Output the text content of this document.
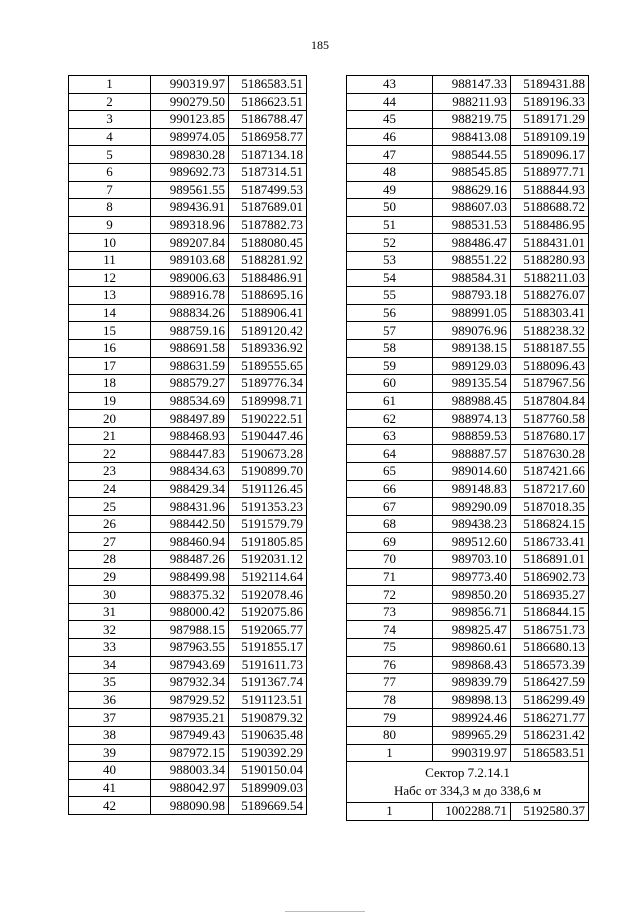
185
1	990319.97	5186583.51
2	990279.50	5186623.51
3	990123.85	5186788.47
4	989974.05	5186958.77
5	989830.28	5187134.18
6	989692.73	5187314.51
7	989561.55	5187499.53
8	989436.91	5187689.01
9	989318.96	5187882.73
10	989207.84	5188080.45
11	989103.68	5188281.92
12	989006.63	5188486.91
13	988916.78	5188695.16
14	988834.26	5188906.41
15	988759.16	5189120.42
16	988691.58	5189336.92
17	988631.59	5189555.65
18	988579.27	5189776.34
19	988534.69	5189998.71
20	988497.89	5190222.51
21	988468.93	5190447.46
22	988447.83	5190673.28
23	988434.63	5190899.70
24	988429.34	5191126.45
25	988431.96	5191353.23
26	988442.50	5191579.79
27	988460.94	5191805.85
28	988487.26	5192031.12
29	988499.98	5192114.64
30	988375.32	5192078.46
31	988000.42	5192075.86
32	987988.15	5192065.77
33	987963.55	5191855.17
34	987943.69	5191611.73
35	987932.34	5191367.74
36	987929.52	5191123.51
37	987935.21	5190879.32
38	987949.43	5190635.48
39	987972.15	5190392.29
40	988003.34	5190150.04
41	988042.97	5189909.03
42	988090.98	5189669.54
43	988147.33	5189431.88
44	988211.93	5189196.33
45	988219.75	5189171.29
46	988413.08	5189109.19
47	988544.55	5189096.17
48	988545.85	5188977.71
49	988629.16	5188844.93
50	988607.03	5188688.72
51	988531.53	5188486.95
52	988486.47	5188431.01
53	988551.22	5188280.93
54	988584.31	5188211.03
55	988793.18	5188276.07
56	988991.05	5188303.41
57	989076.96	5188238.32
58	989138.15	5188187.55
59	989129.03	5188096.43
60	989135.54	5187967.56
61	988988.45	5187804.84
62	988974.13	5187760.58
63	988859.53	5187680.17
64	988887.57	5187630.28
65	989014.60	5187421.66
66	989148.83	5187217.60
67	989290.09	5187018.35
68	989438.23	5186824.15
69	989512.60	5186733.41
70	989703.10	5186891.01
71	989773.40	5186902.73
72	989850.20	5186935.27
73	989856.71	5186844.15
74	989825.47	5186751.73
75	989860.61	5186680.13
76	989868.43	5186573.39
77	989839.79	5186427.59
78	989898.13	5186299.49
79	989924.46	5186271.77
80	989965.29	5186231.42
1	990319.97	5186583.51

Сектор 7.2.14.1
Набс от 334,3 м до 338,6 м		

1	1002288.71	5192580.37
